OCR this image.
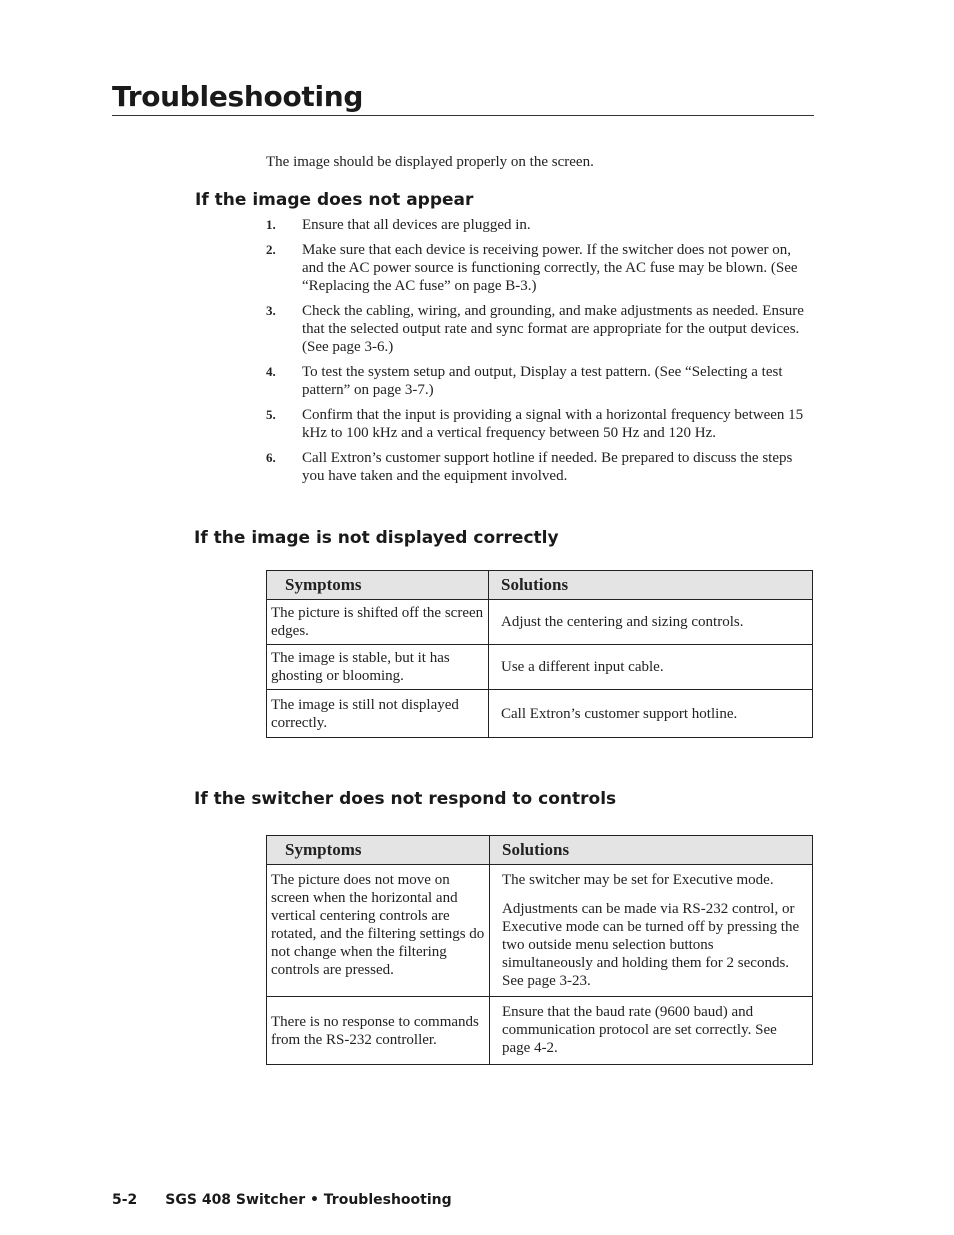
Troubleshooting

The image should be displayed properly on the screen.

If the image does not appear
1.	Ensure that all devices are plugged in.
2.	Make sure that each device is receiving power. If the switcher does not power on, and the AC power source is functioning correctly, the AC fuse may be blown. (See “Replacing the AC fuse” on page B-3.)
3.	Check the cabling, wiring, and grounding, and make adjustments as needed. Ensure that the selected output rate and sync format are appropriate for the output devices. (See page 3-6.)
4.	To test the system setup and output, Display a test pattern. (See “Selecting a test pattern” on page 3-7.)
5.	Confirm that the input is providing a signal with a horizontal frequency between 15 kHz to 100 kHz and a vertical frequency between 50 Hz and 120 Hz.
6.	Call Extron’s customer support hotline if needed. Be prepared to discuss the steps you have taken and the equipment involved.
If the image is not displayed correctly
Symptoms	Solutions
The picture is shifted off the screen edges.	Adjust the centering and sizing controls.
The image is stable, but it has ghosting or blooming.	Use a different input cable.
The image is still not displayed correctly.	Call Extron’s customer support hotline.
If the switcher does not respond to controls
Symptoms	Solutions
The picture does not move on screen when the horizontal and vertical centering controls are rotated, and the filtering settings do not change when the filtering controls are pressed.	The switcher may be set for Executive mode.

Adjustments can be made via RS-232 control, or Executive mode can be turned off by pressing the two outside menu selection buttons simultaneously and holding them for 2 seconds. See page 3-23.

There is no response to commands from the RS-232 controller.	Ensure that the baud rate (9600 baud) and communication protocol are set correctly. See page 4-2.
5-2 SGS 408 Switcher • Troubleshooting
